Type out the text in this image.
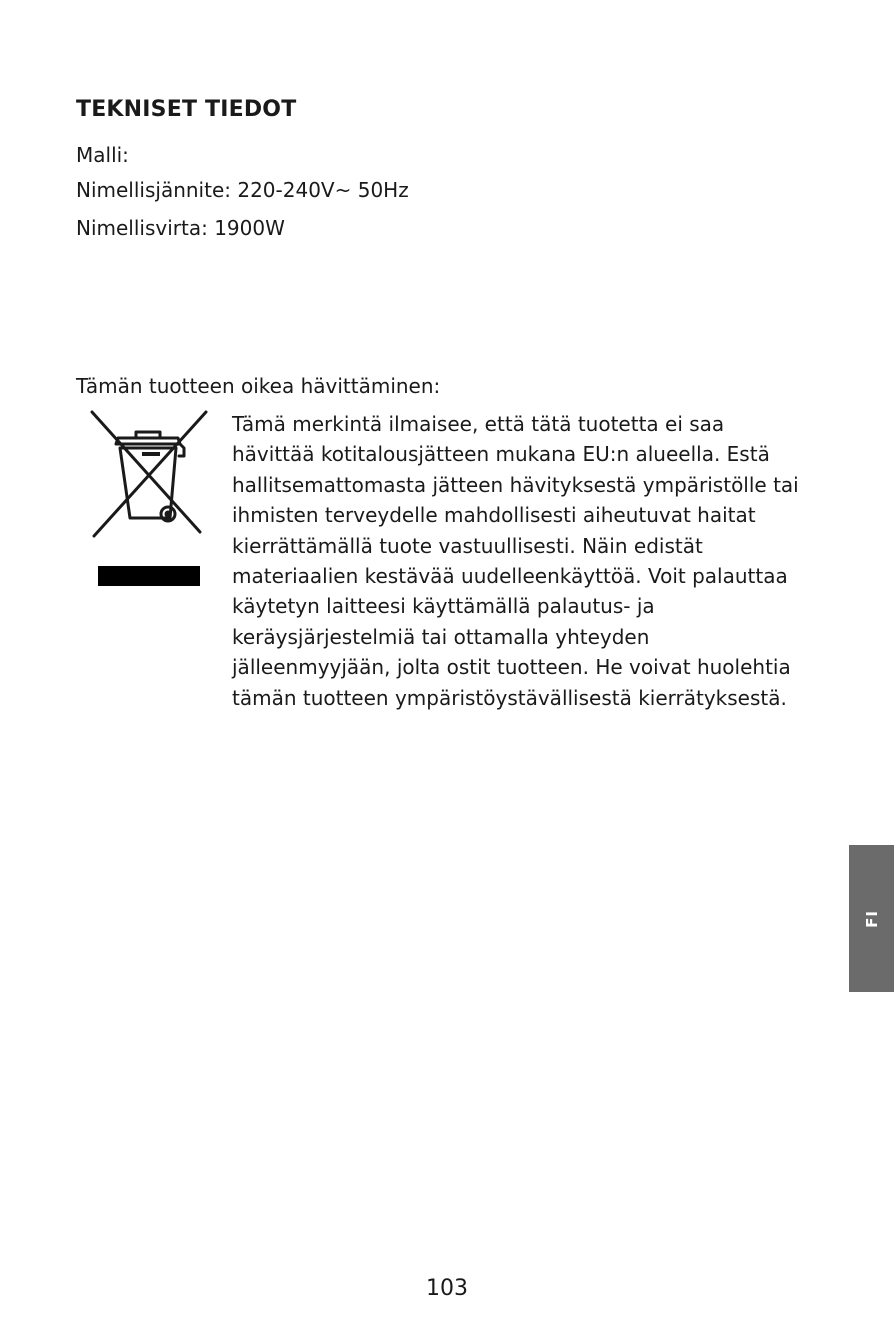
TEKNISET TIEDOT

Malli:

Nimellisjännite: 220-240V~ 50Hz

Nimellisvirta: 1900W

Tämän tuotteen oikea hävittäminen:

Tämä merkintä ilmaisee, että tätä tuotetta ei saa hävittää kotitalousjätteen mukana EU:n alueella. Estä hallitsemattomasta jätteen hävityksestä ympäristölle tai ihmisten terveydelle mahdollisesti aiheutuvat haitat kierrättämällä tuote vastuullisesti. Näin edistät materiaalien kestävää uudelleenkäyttöä. Voit palauttaa käytetyn laitteesi käyttämällä palautus- ja keräysjärjestelmiä tai ottamalla yhteyden jälleenmyyjään, jolta ostit tuotteen. He voivat huolehtia tämän tuotteen ympäristöystävällisestä kierrätyksestä.

FI

103
